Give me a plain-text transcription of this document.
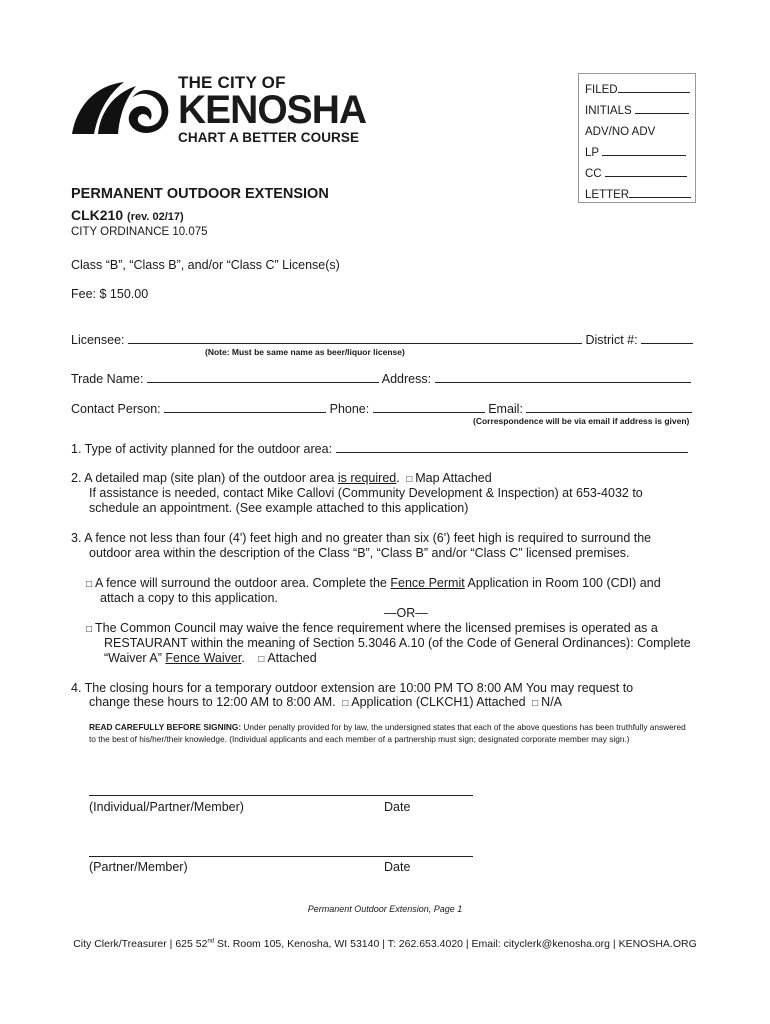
THE CITY OF
KENOSHA
CHART A BETTER COURSE
FILED
INITIALS
ADV/NO ADV
LP
CC
LETTER
PERMANENT OUTDOOR EXTENSION
CLK210 (rev. 02/17)
CITY ORDINANCE 10.075
Class “B”, “Class B”, and/or “Class C” License(s)
Fee: $ 150.00
Licensee:	District #:
(Note: Must be same name as beer/liquor license)
Trade Name:	Address:
Contact Person:	Phone:	Email:
(Correspondence will be via email if address is given)
1. Type of activity planned for the outdoor area:
2. A detailed map (site plan) of the outdoor area is required. □ Map Attached
If assistance is needed, contact Mike Callovi (Community Development & Inspection) at 653-4032 to
schedule an appointment. (See example attached to this application)
3. A fence not less than four (4') feet high and no greater than six (6') feet high is required to surround the
outdoor area within the description of the Class “B”, “Class B” and/or “Class C” licensed premises.
□ A fence will surround the outdoor area. Complete the Fence Permit Application in Room 100 (CDI) and
attach a copy to this application.
—OR—
□ The Common Council may waive the fence requirement where the licensed premises is operated as a
RESTAURANT within the meaning of Section 5.3046 A.10 (of the Code of General Ordinances): Complete
“Waiver A” Fence Waiver. □ Attached
4. The closing hours for a temporary outdoor extension are 10:00 PM TO 8:00 AM You may request to
change these hours to 12:00 AM to 8:00 AM. □ Application (CLKCH1) Attached □ N/A
READ CAREFULLY BEFORE SIGNING: Under penalty provided for by law, the undersigned states that each of the above questions has been truthfully answered to the best of his/her/their knowledge. (Individual applicants and each member of a partnership must sign; designated corporate member may sign.)
(Individual/Partner/Member)	Date
(Partner/Member)	Date
Permanent Outdoor Extension, Page 1
City Clerk/Treasurer | 625 52nd St. Room 105, Kenosha, WI 53140 | T: 262.653.4020 | Email: cityclerk@kenosha.org | KENOSHA.ORG
